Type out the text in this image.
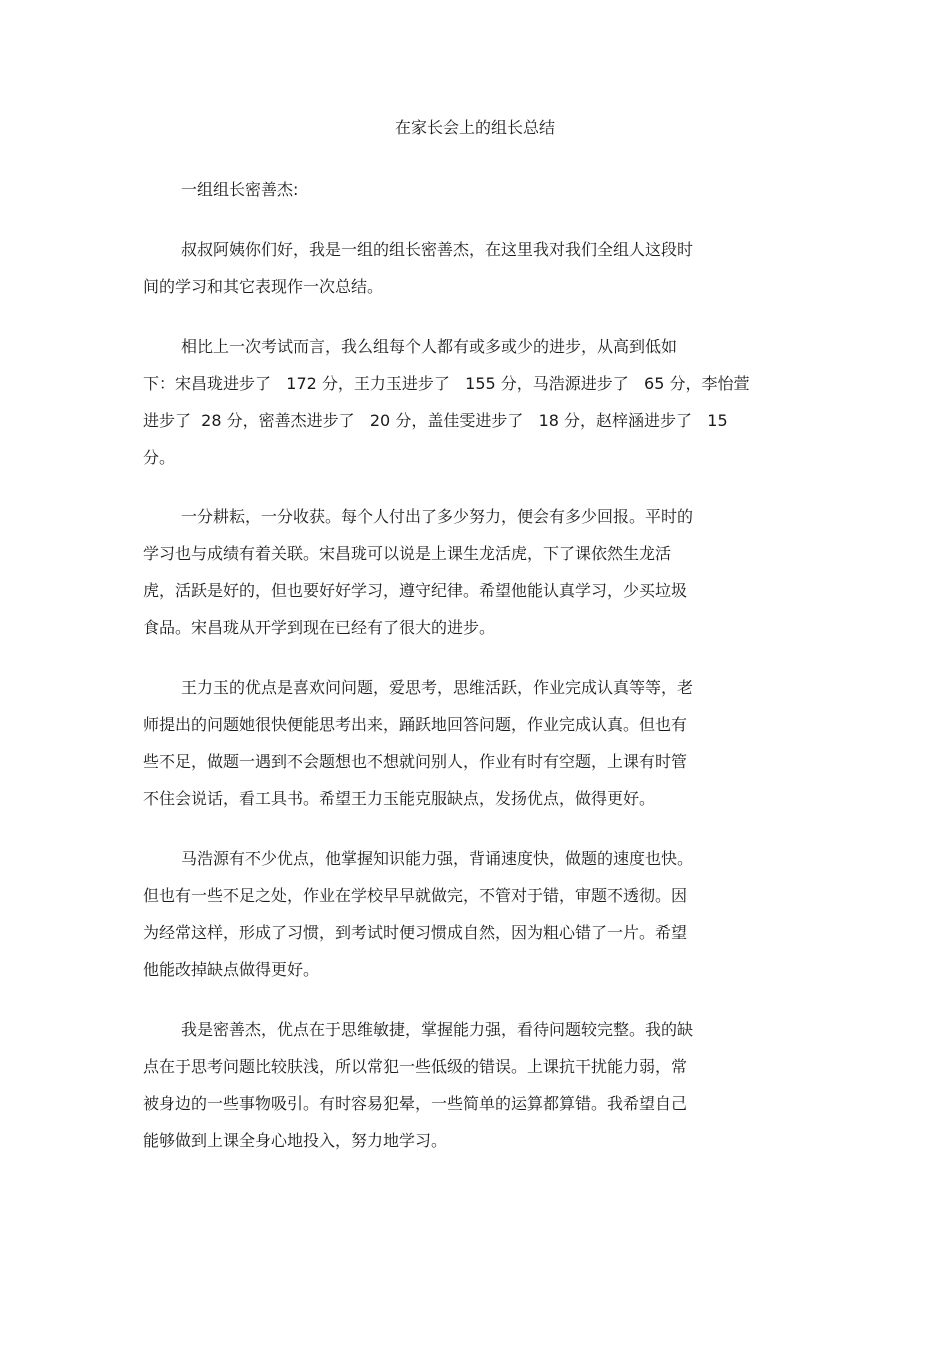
在家长会上的组长总结
一组组长密善杰:
叔叔阿姨你们好，我是一组的组长密善杰，在这里我对我们全组人这段时
间的学习和其它表现作一次总结。
相比上一次考试而言，我么组每个人都有或多或少的进步，从高到低如
下：宋昌珑进步了   172 分，王力玉进步了   155 分，马浩源进步了   65 分，李怡萱
进步了  28 分，密善杰进步了   20 分，盖佳雯进步了   18 分，赵梓涵进步了   15
分。
一分耕耘，一分收获。每个人付出了多少努力，便会有多少回报。平时的
学习也与成绩有着关联。宋昌珑可以说是上课生龙活虎，下了课依然生龙活
虎，活跃是好的，但也要好好学习，遵守纪律。希望他能认真学习，少买垃圾
食品。宋昌珑从开学到现在已经有了很大的进步。
王力玉的优点是喜欢问问题，爱思考，思维活跃，作业完成认真等等，老
师提出的问题她很快便能思考出来，踊跃地回答问题，作业完成认真。但也有
些不足，做题一遇到不会题想也不想就问别人，作业有时有空题，上课有时管
不住会说话，看工具书。希望王力玉能克服缺点，发扬优点，做得更好。
马浩源有不少优点，他掌握知识能力强，背诵速度快，做题的速度也快。
但也有一些不足之处，作业在学校早早就做完，不管对于错，审题不透彻。因
为经常这样，形成了习惯，到考试时便习惯成自然，因为粗心错了一片。希望
他能改掉缺点做得更好。
我是密善杰，优点在于思维敏捷，掌握能力强，看待问题较完整。我的缺
点在于思考问题比较肤浅，所以常犯一些低级的错误。上课抗干扰能力弱，常
被身边的一些事物吸引。有时容易犯晕，一些简单的运算都算错。我希望自己
能够做到上课全身心地投入，努力地学习。
